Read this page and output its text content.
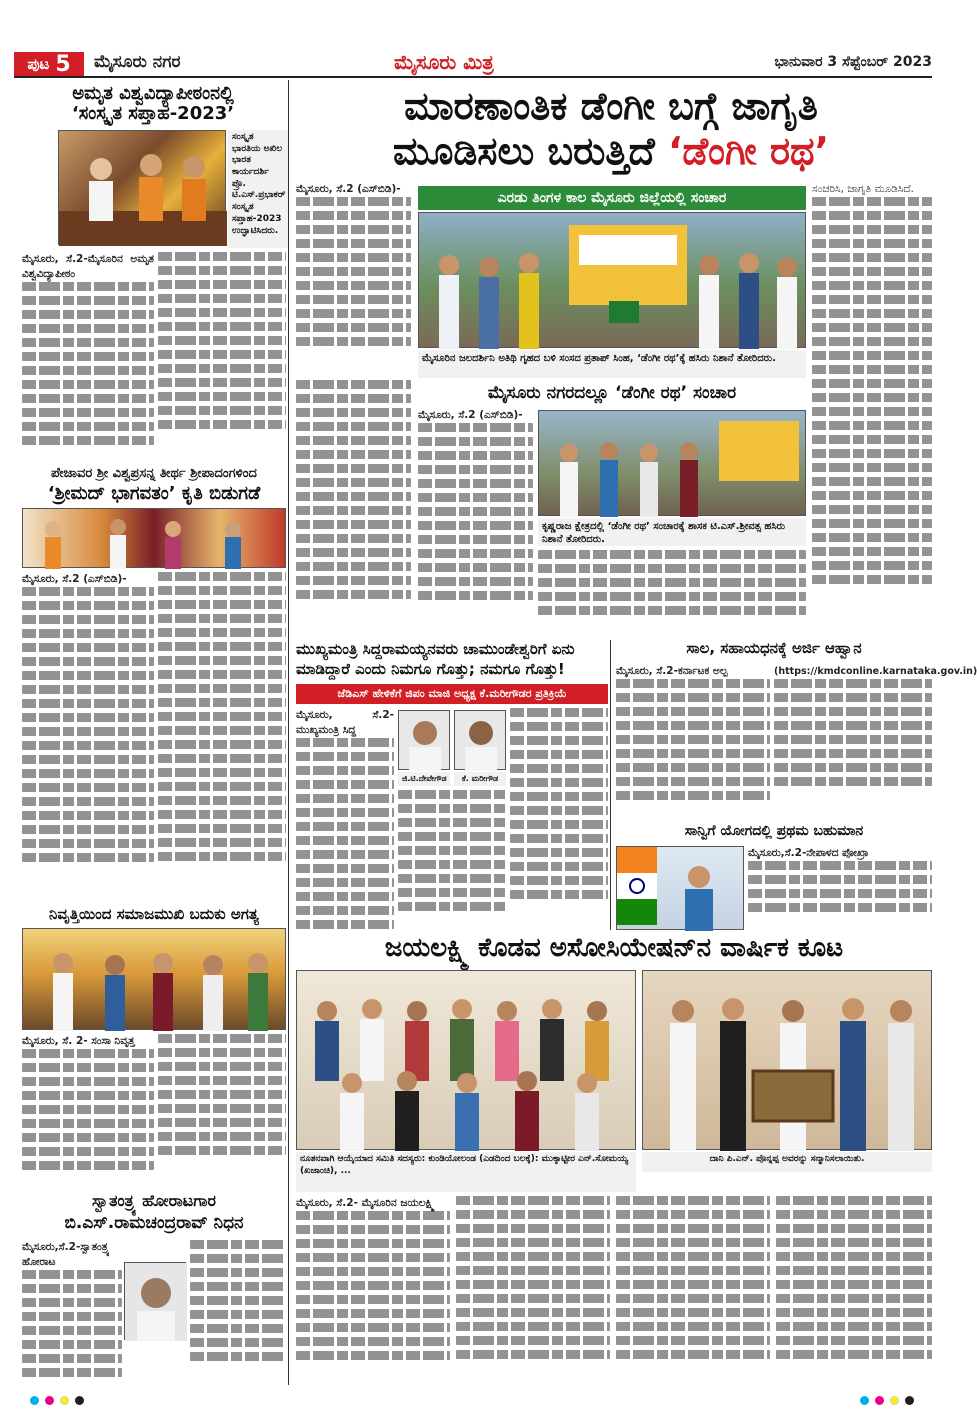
ಪುಟ 5 ಮೈಸೂರು ನಗರ	ಮೈಸೂರು ಮಿತ್ರ	ಭಾನುವಾರ 3 ಸೆಪ್ಟೆಂಬರ್ 2023
ಅಮೃತ ವಿಶ್ವವಿದ್ಯಾಪೀಠಂನಲ್ಲಿ
‘ಸಂಸ್ಕೃತ ಸಪ್ತಾಹ-2023’
ಸಂಸ್ಕೃತ ಭಾರತಿಯ ಅಖಿಲ ಭಾರತ ಕಾರ್ಯದರ್ಶಿ ಪ್ರೊ. ಟಿ.ಎಸ್.ಪ್ರಭಾಕರ್ ಸಂಸ್ಕೃತ ಸಪ್ತಾಹ-2023 ಉದ್ಘಾಟಿಸಿದರು.
ಮೈಸೂರು, ಸೆ.2-ಮೈಸೂರಿನ ಅಮೃತ ವಿಶ್ವವಿದ್ಯಾಪೀಠಂ
ಪೇಜಾವರ ಶ್ರೀ ವಿಶ್ವಪ್ರಸನ್ನ ತೀರ್ಥ ಶ್ರೀಪಾದಂಗಳಿಂದ
‘ಶ್ರೀಮದ್ ಭಾಗವತಂ’ ಕೃತಿ ಬಿಡುಗಡೆ
ಮೈಸೂರು, ಸೆ.2 (ಎಸ್‌ಬಿಡಿ)-
ನಿವೃತ್ತಿಯಿಂದ ಸಮಾಜಮುಖಿ ಬದುಕು ಅಗತ್ಯ
ಮೈಸೂರು, ಸೆ. 2- ಸಂಸಾ ನಿವೃತ್ತ
ಸ್ವಾತಂತ್ರ್ಯ ಹೋರಾಟಗಾರ
ಬಿ.ಎಸ್.ರಾಮಚಂದ್ರರಾವ್ ನಿಧನ
ಮೈಸೂರು,ಸೆ.2-ಸ್ವಾತಂತ್ರ್ಯ ಹೋರಾಟ
ಮಾರಣಾಂತಿಕ ಡೆಂಗೀ ಬಗ್ಗೆ ಜಾಗೃತಿ
ಮೂಡಿಸಲು ಬರುತ್ತಿದೆ ‘ಡೆಂಗೀ ರಥ’
ಮೈಸೂರು, ಸೆ.2 (ಎಸ್‌ಬಿಡಿ)-
ಎರಡು ತಿಂಗಳ ಕಾಲ ಮೈಸೂರು ಜಿಲ್ಲೆಯಲ್ಲಿ ಸಂಚಾರ
ಮೈಸೂರಿನ ಜಲದರ್ಶಿನಿ ಅತಿಥಿ ಗೃಹದ ಬಳಿ ಸಂಸದ ಪ್ರತಾಪ್ ಸಿಂಹ, ‘ಡೆಂಗೀ ರಥ’ಕ್ಕೆ ಹಸಿರು ನಿಶಾನೆ ತೋರಿದರು.
ಸಂಚರಿಸಿ, ಜಾಗೃತಿ ಮೂಡಿಸಿದೆ.
ಮೈಸೂರು ನಗರದಲ್ಲೂ ‘ಡೆಂಗೀ ರಥ’ ಸಂಚಾರ
ಮೈಸೂರು, ಸೆ.2 (ಎಸ್‌ಬಿಡಿ)-
ಕೃಷ್ಣರಾಜ ಕ್ಷೇತ್ರದಲ್ಲಿ ‘ಡೆಂಗೀ ರಥ’ ಸಂಚಾರಕ್ಕೆ ಶಾಸಕ ಟಿ.ಎಸ್.ಶ್ರೀವತ್ಸ ಹಸಿರು ನಿಶಾನೆ ತೋರಿದರು.
ಮುಖ್ಯಮಂತ್ರಿ ಸಿದ್ದರಾಮಯ್ಯನವರು ಚಾಮುಂಡೇಶ್ವರಿಗೆ ಏನು
ಮಾಡಿದ್ದಾರೆ ಎಂದು ನಿಮಗೂ ಗೊತ್ತು; ನಮಗೂ ಗೊತ್ತು!
ಜೆಡಿಎಸ್ ಹೇಳಿಕೆಗೆ ಜಿಪಂ ಮಾಜಿ ಅಧ್ಯಕ್ಷ ಕೆ.ಮರೀಗೌಡರ ಪ್ರತಿಕ್ರಿಯೆ
ಮೈಸೂರು, ಸೆ.2-ಮುಖ್ಯಮಂತ್ರಿ ಸಿದ್ದ
ಜಿ.ಟಿ.ದೇವೇಗೌಡ	ಕೆ. ಮರೀಗೌಡ
ಸಾಲ, ಸಹಾಯಧನಕ್ಕೆ ಅರ್ಜಿ ಆಹ್ವಾನ
ಮೈಸೂರು, ಸೆ.2-ಕರ್ನಾಟಕ ಅಲ್ಪ	(https://kmdconline.karnataka.gov.in)
ಸಾನ್ವಿಗೆ ಯೋಗದಲ್ಲಿ ಪ್ರಥಮ ಬಹುಮಾನ
ಮೈಸೂರು,ಸೆ.2-ನೇಪಾಳದ ಪೋಖ್ರಾ
ಜಯಲಕ್ಷ್ಮಿ ಕೊಡವ ಅಸೋಸಿಯೇಷನ್‌ನ ವಾರ್ಷಿಕ ಕೂಟ
ನೂತನವಾಗಿ ಆಯ್ಕೆಯಾದ ಸಮಿತಿ ಸದಸ್ಯರು: ಕುಂಡಿಯೋಲಂಡ (ಎಡದಿಂದ ಬಲಕ್ಕೆ): ಮುಕ್ಕಾಟ್ಟೀರ ಎನ್.ಸೋಮಯ್ಯ (ಖಜಾಂಚಿ), ...
ದಾನಿ ಪಿ.ಎನ್. ಪೊನ್ನಪ್ಪ ಅವರನ್ನು ಸನ್ಮಾನಿಸಲಾಯಿತು.
ಮೈಸೂರು, ಸೆ.2- ಮೈಸೂರಿನ ಜಯಲಕ್ಷ್ಮಿ
